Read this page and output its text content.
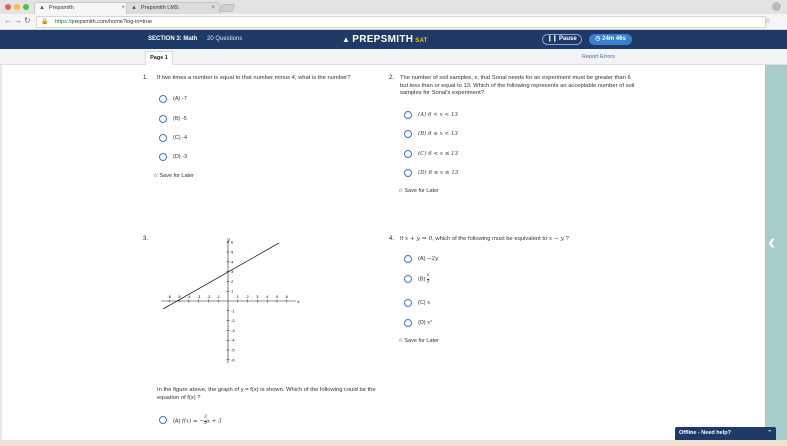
▲ Prepsmith	× ▲ Prepsmith LMS	×
← → ↻ 🔒 https://prepsmith.com/home?log-in=true	☆
SECTION 3: Math 20 Questions	▲ PREPSMITH SAT	❙❙ Pause	◷ 24m 46s
Page 1	Report Errors
‹
1. If two times a number is equal to that number minus 4, what is the number?
(A) -7
(B) -5
(C) -4
(D) -3
☆Save for Later
2. The number of soil samples, x, that Sonal needs for an experiment must be greater than 6 but less than or equal to 13. Which of the following represents an acceptable number of soil samples for Sonal's experiment?
(A) 6 < x < 13
(B) 6 ≤ x < 13
(C) 6 < x ≤ 13
(D) 6 ≤ x ≤ 13
☆Save for Later
3.
-6 -5 -4 -3 -2 -1	1 2 3 4 5 6
6
5
4
3
2
1
-1
-2
-3
-4
-5
-6
x
y
In the figure above, the graph of y = f(x) is shown. Which of the following could be the equation of f(x) ?
(A) f(x) = − $\frac{3}{5}$ x + 3
4. If x + y = 0, which of the following must be equivalent to x − y ?
(A) −2y
$(B) \frac{x}{y}$
(C) x
(D) x²
☆Save for Later
Offline - Need help?	⌃
